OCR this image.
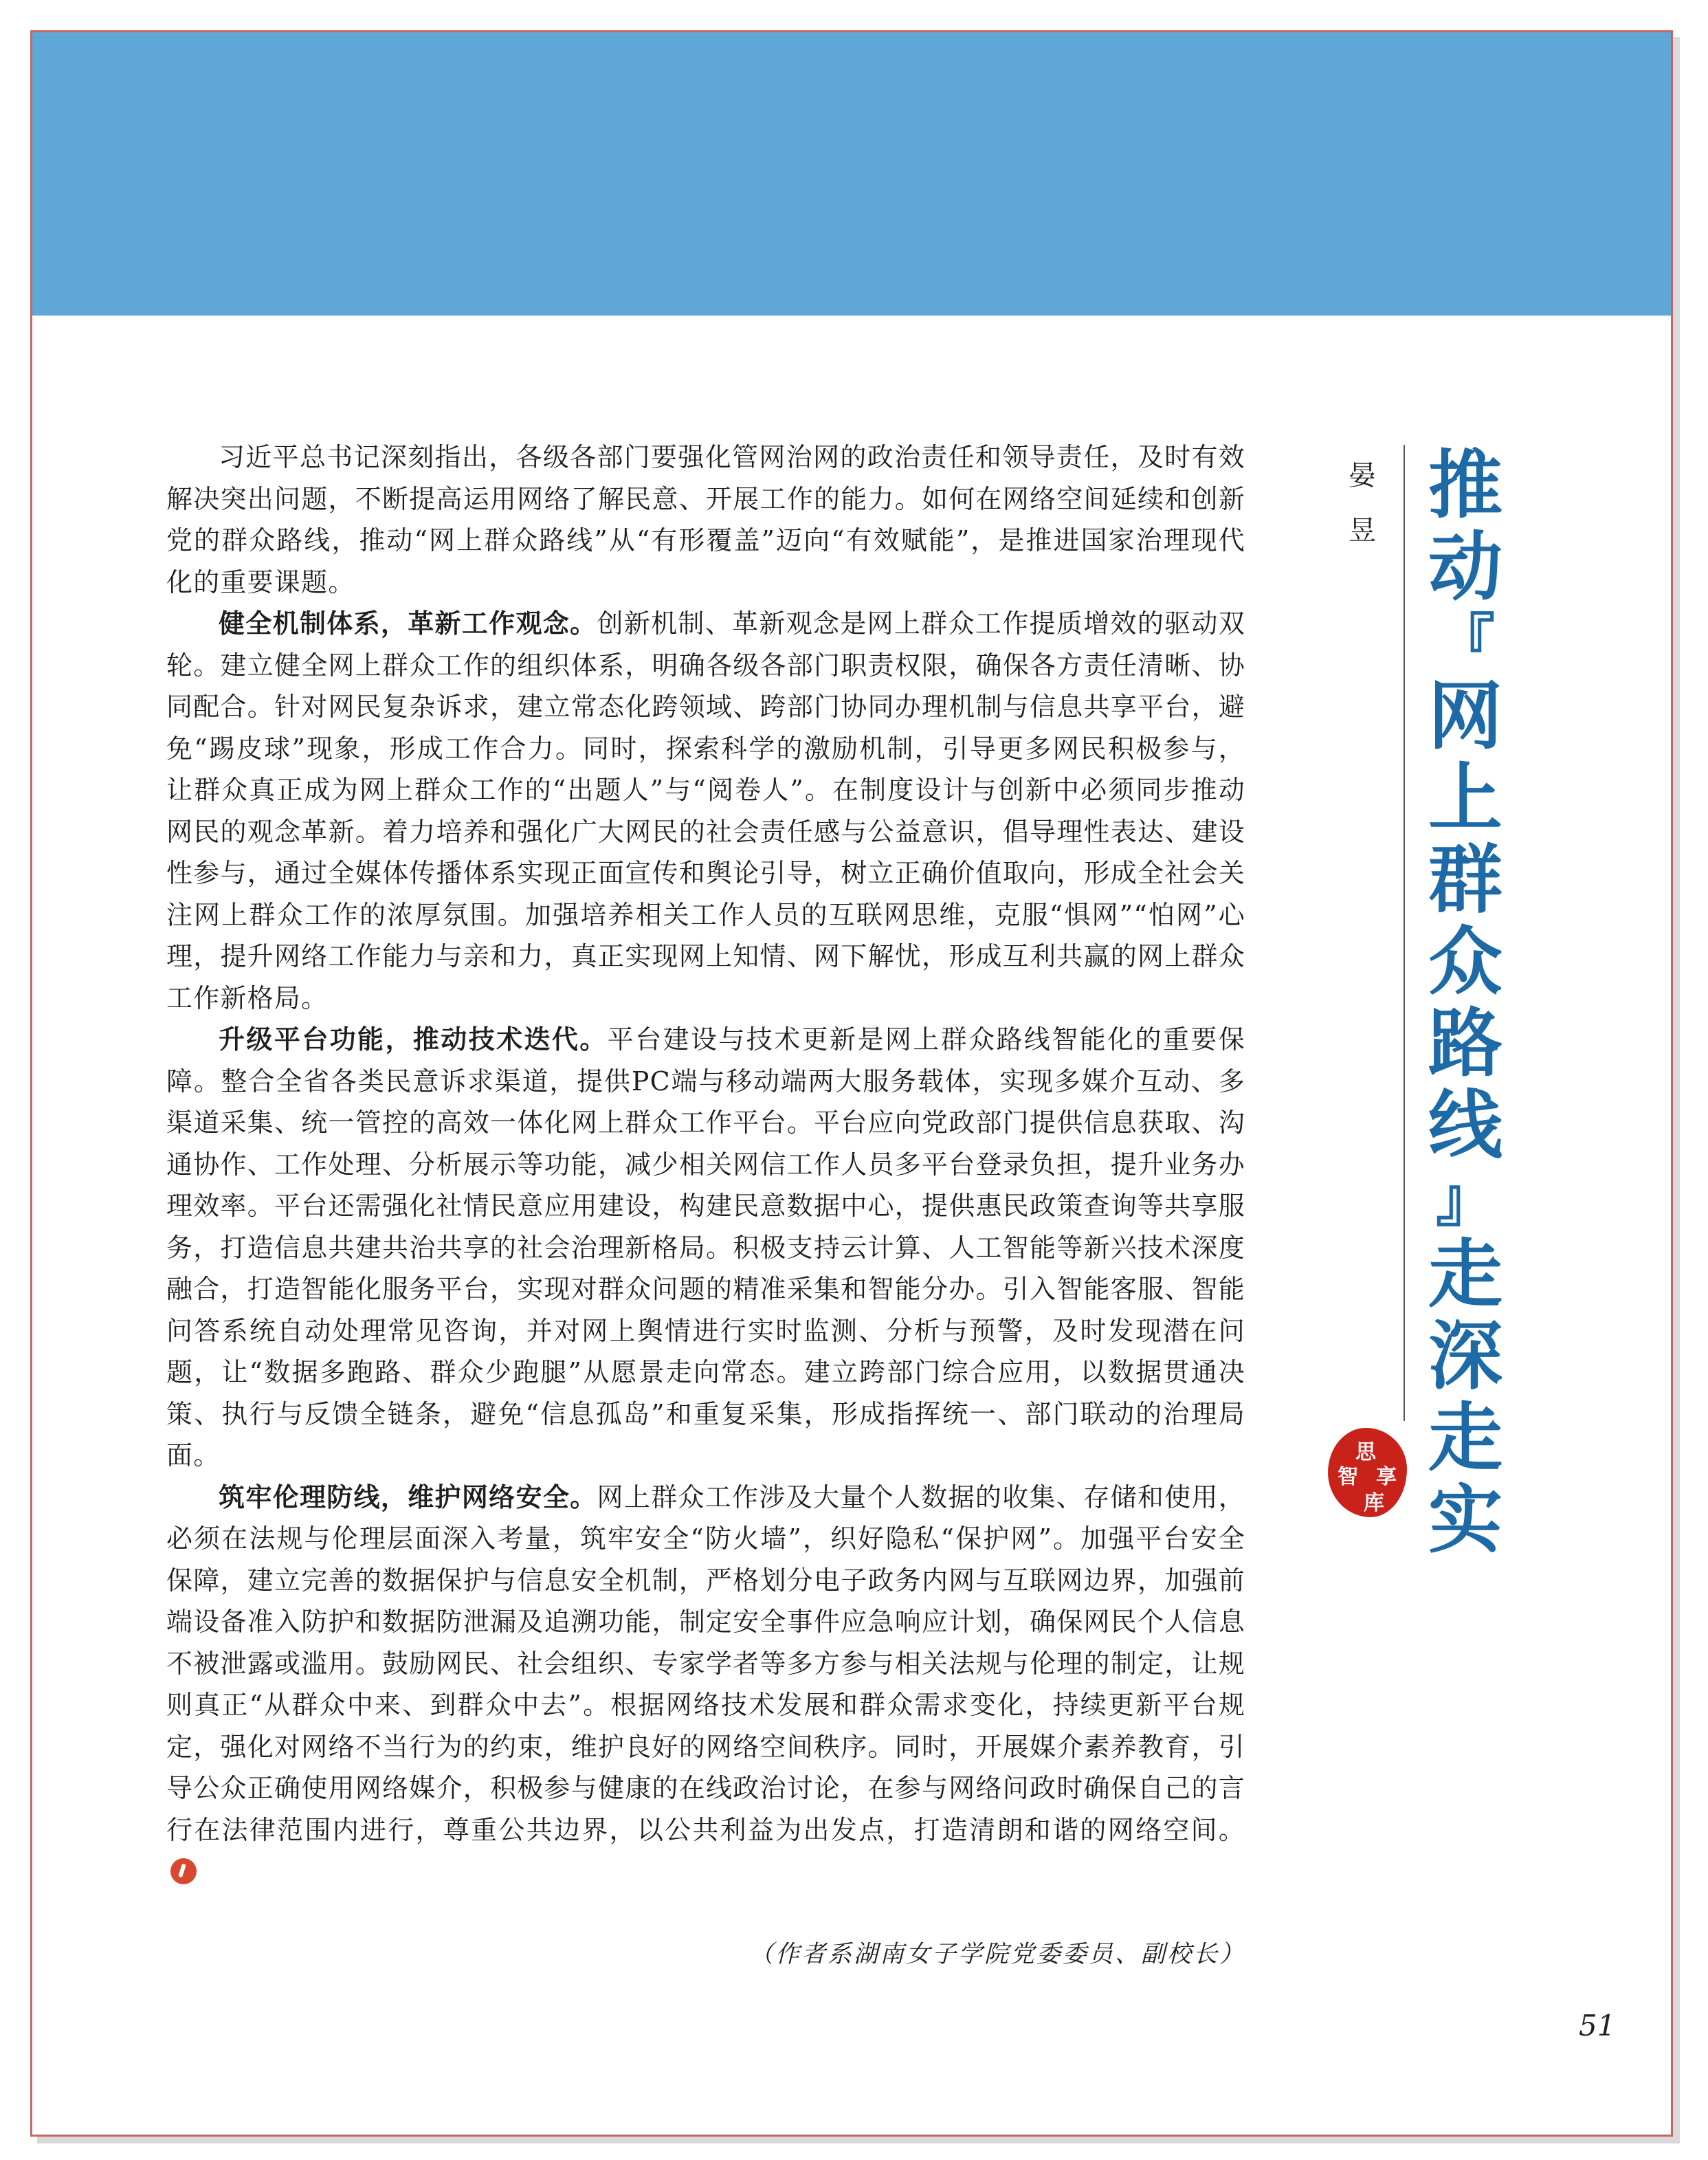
习近平总书记深刻指出，各级各部门要强化管网治网的政治责任和领导责任，及时有效解决突出问题，不断提高运用网络了解民意、开展工作的能力。如何在网络空间延续和创新党的群众路线，推动“网上群众路线”从“有形覆盖”迈向“有效赋能”，是推进国家治理现代化的重要课题。

健全机制体系，革新工作观念。创新机制、革新观念是网上群众工作提质增效的驱动双轮。建立健全网上群众工作的组织体系，明确各级各部门职责权限，确保各方责任清晰、协同配合。针对网民复杂诉求，建立常态化跨领域、跨部门协同办理机制与信息共享平台，避免“踢皮球”现象，形成工作合力。同时，探索科学的激励机制，引导更多网民积极参与，让群众真正成为网上群众工作的“出题人”与“阅卷人”。在制度设计与创新中必须同步推动网民的观念革新。着力培养和强化广大网民的社会责任感与公益意识，倡导理性表达、建设性参与，通过全媒体传播体系实现正面宣传和舆论引导，树立正确价值取向，形成全社会关注网上群众工作的浓厚氛围。加强培养相关工作人员的互联网思维，克服“惧网”“怕网”心理，提升网络工作能力与亲和力，真正实现网上知情、网下解忧，形成互利共赢的网上群众工作新格局。

升级平台功能，推动技术迭代。平台建设与技术更新是网上群众路线智能化的重要保障。整合全省各类民意诉求渠道，提供PC端与移动端两大服务载体，实现多媒介互动、多渠道采集、统一管控的高效一体化网上群众工作平台。平台应向党政部门提供信息获取、沟通协作、工作处理、分析展示等功能，减少相关网信工作人员多平台登录负担，提升业务办理效率。平台还需强化社情民意应用建设，构建民意数据中心，提供惠民政策查询等共享服务，打造信息共建共治共享的社会治理新格局。积极支持云计算、人工智能等新兴技术深度融合，打造智能化服务平台，实现对群众问题的精准采集和智能分办。引入智能客服、智能问答系统自动处理常见咨询，并对网上舆情进行实时监测、分析与预警，及时发现潜在问题，让“数据多跑路、群众少跑腿”从愿景走向常态。建立跨部门综合应用，以数据贯通决策、执行与反馈全链条，避免“信息孤岛”和重复采集，形成指挥统一、部门联动的治理局面。

筑牢伦理防线，维护网络安全。网上群众工作涉及大量个人数据的收集、存储和使用，必须在法规与伦理层面深入考量，筑牢安全“防火墙”，织好隐私“保护网”。加强平台安全保障，建立完善的数据保护与信息安全机制，严格划分电子政务内网与互联网边界，加强前端设备准入防护和数据防泄漏及追溯功能，制定安全事件应急响应计划，确保网民个人信息不被泄露或滥用。鼓励网民、社会组织、专家学者等多方参与相关法规与伦理的制定，让规则真正“从群众中来、到群众中去”。根据网络技术发展和群众需求变化，持续更新平台规定，强化对网络不当行为的约束，维护良好的网络空间秩序。同时，开展媒介素养教育，引导公众正确使用网络媒介，积极参与健康的在线政治讨论，在参与网络问政时确保自己的言行在法律范围内进行，尊重公共边界，以公共利益为出发点，打造清朗和谐的网络空间。

（作者系湖南女子学院党委委员、副校长）
晏
昱
推
动
『
网
上
群
众
路
线
』
走
深
走
实
思
享
智
库
51
